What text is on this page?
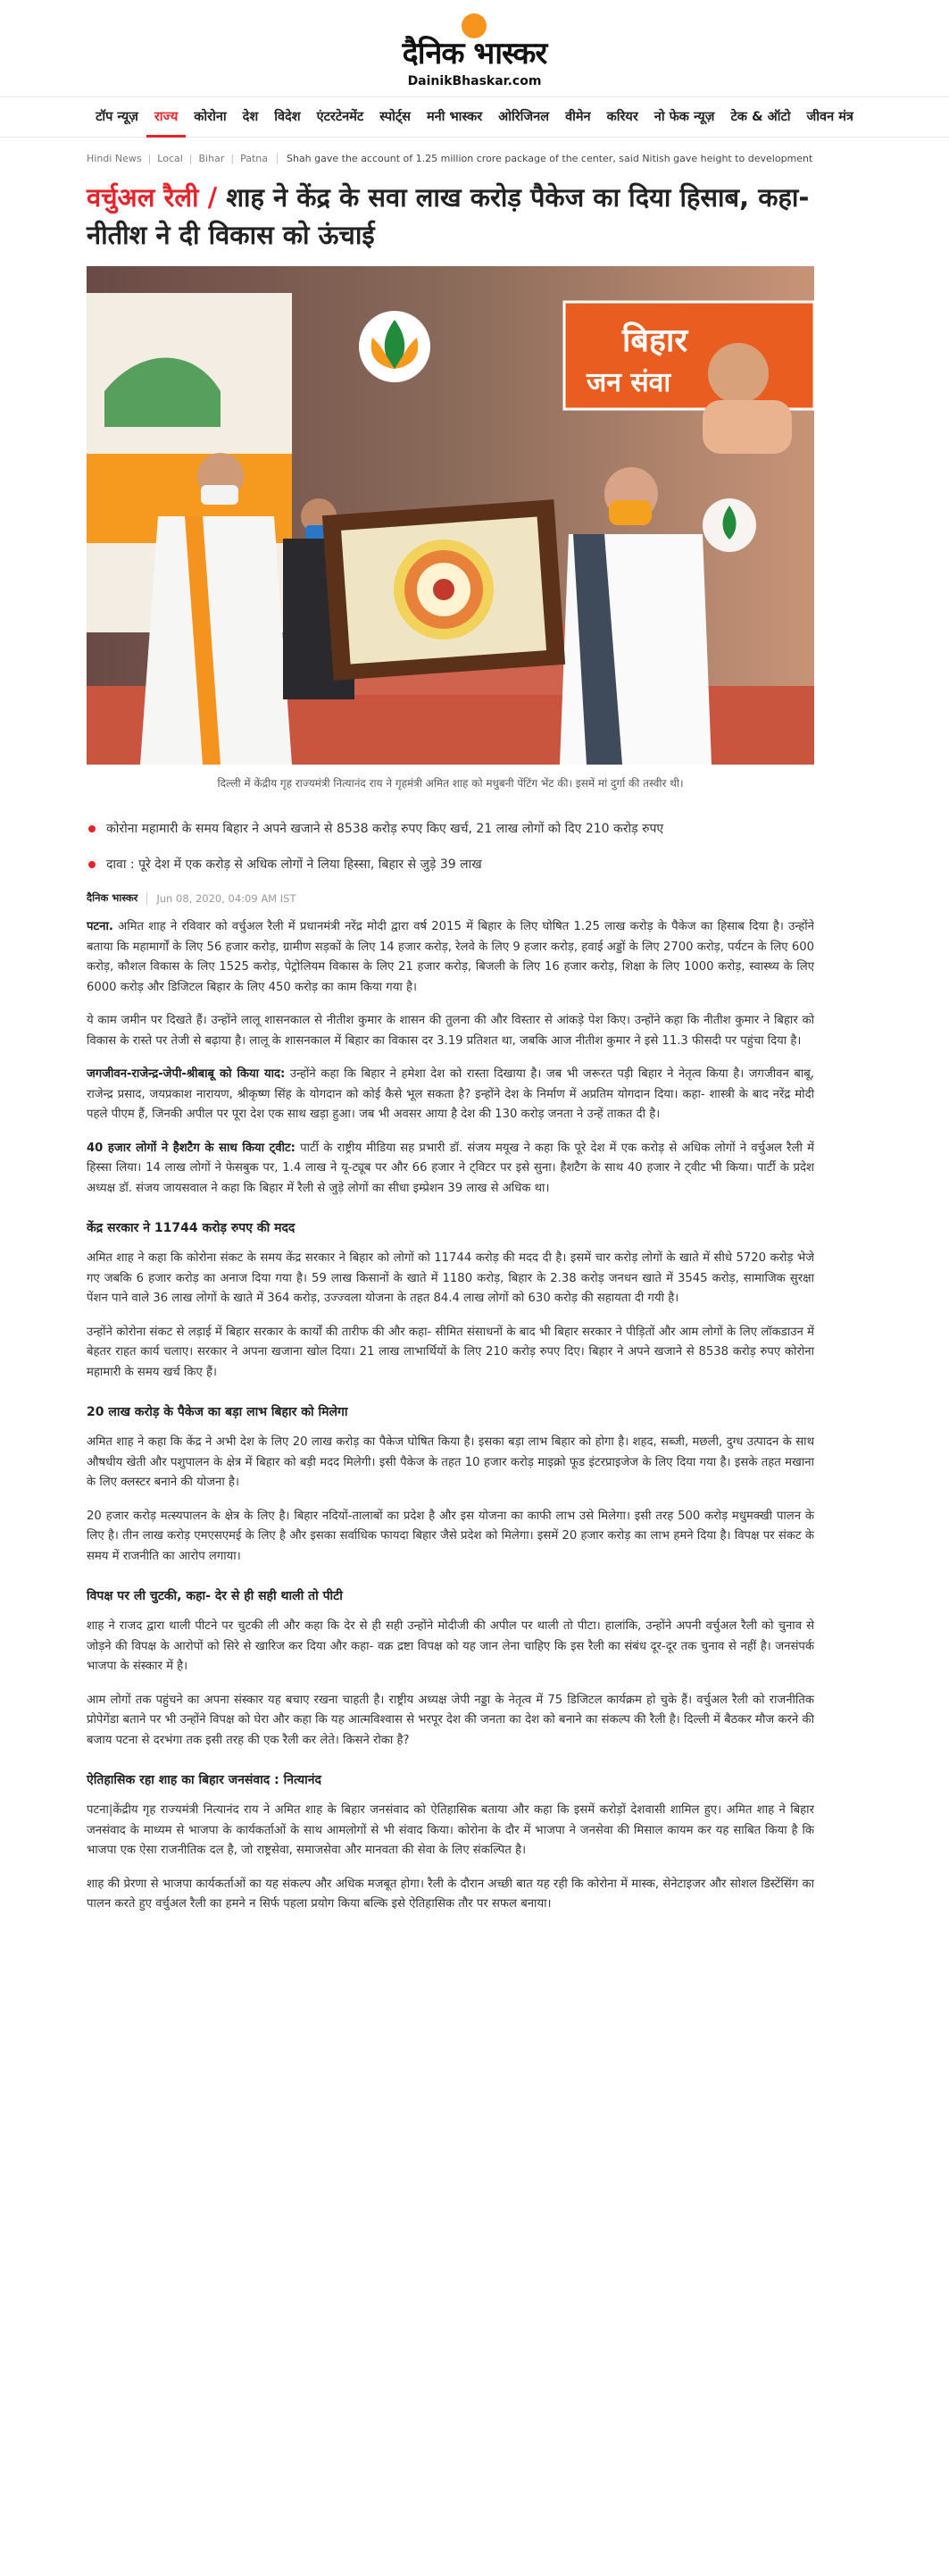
दैनिक भास्कर
DainikBhaskar.com
टॉप न्यूज़	राज्य	कोरोना	देश	विदेश	एंटरटेनमेंट	स्पोर्ट्स	मनी भास्कर	ओरिजिनल	वीमेन	करियर	नो फेक न्यूज़	टेक & ऑटो	जीवन मंत्र
Hindi News | Local | Bihar | Patna	Shah gave the account of 1.25 million crore package of the center, said Nitish gave height to development
वर्चुअल रैली / शाह ने केंद्र के सवा लाख करोड़ पैकेज का दिया हिसाब, कहा- नीतीश ने दी विकास को ऊंचाई
बिहार
जन संवा

दिल्ली में केंद्रीय गृह राज्यमंत्री नित्यानंद राय ने गृहमंत्री अमित शाह को मधुबनी पेंटिंग भेंट की। इसमें मां दुर्गा की तस्वीर थी।

कोरोना महामारी के समय बिहार ने अपने खजाने से 8538 करोड़ रुपए किए खर्च, 21 लाख लोगों को दिए 210 करोड़ रुपए
दावा : पूरे देश में एक करोड़ से अधिक लोगों ने लिया हिस्सा, बिहार से जुड़े 39 लाख
दैनिक भास्कर	Jun 08, 2020, 04:09 AM IST

पटना. अमित शाह ने रविवार को वर्चुअल रैली में प्रधानमंत्री नरेंद्र मोदी द्वारा वर्ष 2015 में बिहार के लिए घोषित 1.25 लाख करोड़ के पैकेज का हिसाब दिया है। उन्होंने बताया कि महामार्गों के लिए 56 हजार करोड़, ग्रामीण सड़कों के लिए 14 हजार करोड़, रेलवे के लिए 9 हजार करोड़, हवाई अड्डों के लिए 2700 करोड़, पर्यटन के लिए 600 करोड़, कौशल विकास के लिए 1525 करोड़, पेट्रोलियम विकास के लिए 21 हजार करोड़, बिजली के लिए 16 हजार करोड़, शिक्षा के लिए 1000 करोड़, स्वास्थ्य के लिए 6000 करोड़ और डिजिटल बिहार के लिए 450 करोड़ का काम किया गया है।

ये काम जमीन पर दिखते हैं। उन्होंने लालू शासनकाल से नीतीश कुमार के शासन की तुलना की और विस्तार से आंकड़े पेश किए। उन्होंने कहा कि नीतीश कुमार ने बिहार को विकास के रास्ते पर तेजी से बढ़ाया है। लालू के शासनकाल में बिहार का विकास दर 3.19 प्रतिशत था, जबकि आज नीतीश कुमार ने इसे 11.3 फीसदी पर पहुंचा दिया है।

जगजीवन-राजेन्द्र-जेपी-श्रीबाबू को किया याद: उन्होंने कहा कि बिहार ने हमेशा देश को रास्ता दिखाया है। जब भी जरूरत पड़ी बिहार ने नेतृत्व किया है। जगजीवन बाबू, राजेन्द्र प्रसाद, जयप्रकाश नारायण, श्रीकृष्ण सिंह के योगदान को कोई कैसे भूल सकता है? इन्होंने देश के निर्माण में अप्रतिम योगदान दिया। कहा- शास्त्री के बाद नरेंद्र मोदी पहले पीएम हैं, जिनकी अपील पर पूरा देश एक साथ खड़ा हुआ। जब भी अवसर आया है देश की 130 करोड़ जनता ने उन्हें ताकत दी है।

40 हजार लोगों ने हैशटैग के साथ किया ट्वीट: पार्टी के राष्ट्रीय मीडिया सह प्रभारी डॉ. संजय मयूख ने कहा कि पूरे देश में एक करोड़ से अधिक लोगों ने वर्चुअल रैली में हिस्सा लिया। 14 लाख लोगों ने फेसबुक पर, 1.4 लाख ने यू-ट्यूब पर और 66 हजार ने ट्विटर पर इसे सुना। हैशटैग के साथ 40 हजार ने ट्वीट भी किया। पार्टी के प्रदेश अध्यक्ष डॉ. संजय जायसवाल ने कहा कि बिहार में रैली से जुड़े लोगों का सीधा इम्प्रेशन 39 लाख से अधिक था।

केंद्र सरकार ने 11744 करोड़ रुपए की मदद

अमित शाह ने कहा कि कोरोना संकट के समय केंद्र सरकार ने बिहार को लोगों को 11744 करोड़ की मदद दी है। इसमें चार करोड़ लोगों के खाते में सीधे 5720 करोड़ भेजे गए जबकि 6 हजार करोड़ का अनाज दिया गया है। 59 लाख किसानों के खाते में 1180 करोड़, बिहार के 2.38 करोड़ जनधन खाते में 3545 करोड़, सामाजिक सुरक्षा पेंशन पाने वाले 36 लाख लोगों के खाते में 364 करोड़, उज्ज्वला योजना के तहत 84.4 लाख लोगों को 630 करोड़ की सहायता दी गयी है।

उन्होंने कोरोना संकट से लड़ाई में बिहार सरकार के कार्यों की तारीफ की और कहा- सीमित संसाधनों के बाद भी बिहार सरकार ने पीड़ितों और आम लोगों के लिए लॉकडाउन में बेहतर राहत कार्य चलाए। सरकार ने अपना खजाना खोल दिया। 21 लाख लाभार्थियों के लिए 210 करोड़ रुपए दिए। बिहार ने अपने खजाने से 8538 करोड़ रुपए कोरोना महामारी के समय खर्च किए हैं।

20 लाख करोड़ के पैकेज का बड़ा लाभ बिहार को मिलेगा

अमित शाह ने कहा कि केंद्र ने अभी देश के लिए 20 लाख करोड़ का पैकेज घोषित किया है। इसका बड़ा लाभ बिहार को होगा है। शहद, सब्जी, मछली, दुग्ध उत्पादन के साथ औषधीय खेती और पशुपालन के क्षेत्र में बिहार को बड़ी मदद मिलेगी। इसी पैकेज के तहत 10 हजार करोड़ माइक्रो फूड इंटरप्राइजेज के लिए दिया गया है। इसके तहत मखाना के लिए क्लस्टर बनाने की योजना है।

20 हजार करोड़ मत्स्यपालन के क्षेत्र के लिए है। बिहार नदियों-तालाबों का प्रदेश है और इस योजना का काफी लाभ उसे मिलेगा। इसी तरह 500 करोड़ मधुमक्खी पालन के लिए है। तीन लाख करोड़ एमएसएमई के लिए है और इसका सर्वाधिक फायदा बिहार जैसे प्रदेश को मिलेगा। इसमें 20 हजार करोड़ का लाभ हमने दिया है। विपक्ष पर संकट के समय में राजनीति का आरोप लगाया।

विपक्ष पर ली चुटकी, कहा- देर से ही सही थाली तो पीटी

शाह ने राजद द्वारा थाली पीटने पर चुटकी ली और कहा कि देर से ही सही उन्होंने मोदीजी की अपील पर थाली तो पीटा। हालांकि, उन्होंने अपनी वर्चुअल रैली को चुनाव से जोड़ने की विपक्ष के आरोपों को सिरे से खारिज कर दिया और कहा- वक्र द्रष्टा विपक्ष को यह जान लेना चाहिए कि इस रैली का संबंध दूर-दूर तक चुनाव से नहीं है। जनसंपर्क भाजपा के संस्कार में है।

आम लोगों तक पहुंचने का अपना संस्कार यह बचाए रखना चाहती है। राष्ट्रीय अध्यक्ष जेपी नड्डा के नेतृत्व में 75 डिजिटल कार्यक्रम हो चुके हैं। वर्चुअल रैली को राजनीतिक प्रोपेगेंडा बताने पर भी उन्होंने विपक्ष को घेरा और कहा कि यह आत्मविश्वास से भरपूर देश की जनता का देश को बनाने का संकल्प की रैली है। दिल्ली में बैठकर मौज करने की बजाय पटना से दरभंगा तक इसी तरह की एक रैली कर लेते। किसने रोका है?

ऐतिहासिक रहा शाह का बिहार जनसंवाद : नित्यानंद

पटना|केंद्रीय गृह राज्यमंत्री नित्यानंद राय ने अमित शाह के बिहार जनसंवाद को ऐतिहासिक बताया और कहा कि इसमें करोड़ों देशवासी शामिल हुए। अमित शाह ने बिहार जनसंवाद के माध्यम से भाजपा के कार्यकर्ताओं के साथ आमलोगों से भी संवाद किया। कोरोना के दौर में भाजपा ने जनसेवा की मिसाल कायम कर यह साबित किया है कि भाजपा एक ऐसा राजनीतिक दल है, जो राष्ट्रसेवा, समाजसेवा और मानवता की सेवा के लिए संकल्पित है।

शाह की प्रेरणा से भाजपा कार्यकर्ताओं का यह संकल्प और अधिक मजबूत होगा। रैली के दौरान अच्छी बात यह रही कि कोरोना में मास्क, सेनेटाइजर और सोशल डिस्टेंसिंग का पालन करते हुए वर्चुअल रैली का हमने न सिर्फ पहला प्रयोग किया बल्कि इसे ऐतिहासिक तौर पर सफल बनाया।
